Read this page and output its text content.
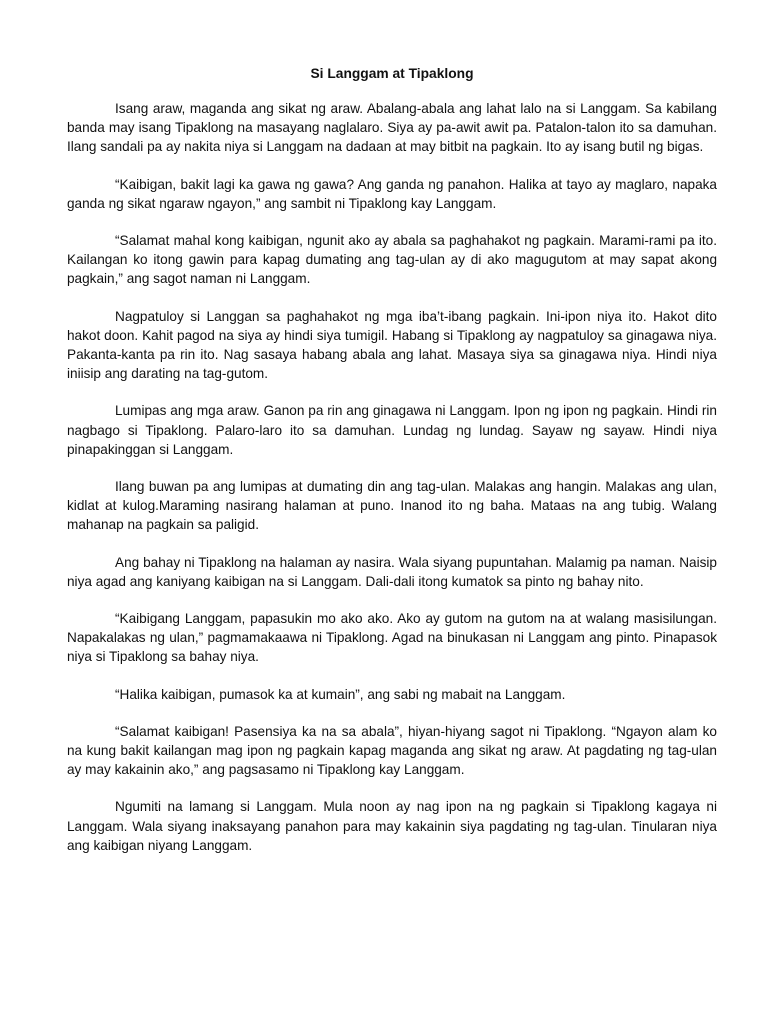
Si Langgam at Tipaklong

Isang araw, maganda ang sikat ng araw. Abalang-abala ang lahat lalo na si Langgam. Sa kabilang banda may isang Tipaklong na masayang naglalaro. Siya ay pa-awit awit pa. Patalon-talon ito sa damuhan. Ilang sandali pa ay nakita niya si Langgam na dadaan at may bitbit na pagkain. Ito ay isang butil ng bigas.

“Kaibigan, bakit lagi ka gawa ng gawa? Ang ganda ng panahon. Halika at tayo ay maglaro, napaka ganda ng sikat ngaraw ngayon,” ang sambit ni Tipaklong kay Langgam.

“Salamat mahal kong kaibigan, ngunit ako ay abala sa paghahakot ng pagkain. Marami-rami pa ito. Kailangan ko itong gawin para kapag dumating ang tag-ulan ay di ako magugutom at may sapat akong pagkain,” ang sagot naman ni Langgam.

Nagpatuloy si Langgan sa paghahakot ng mga iba’t-ibang pagkain. Ini-ipon niya ito. Hakot dito hakot doon. Kahit pagod na siya ay hindi siya tumigil. Habang si Tipaklong ay nagpatuloy sa ginagawa niya. Pakanta-kanta pa rin ito. Nag sasaya habang abala ang lahat. Masaya siya sa ginagawa niya. Hindi niya iniisip ang darating na tag-gutom.

Lumipas ang mga araw. Ganon pa rin ang ginagawa ni Langgam. Ipon ng ipon ng pagkain. Hindi rin nagbago si Tipaklong. Palaro-laro ito sa damuhan. Lundag ng lundag. Sayaw ng sayaw. Hindi niya pinapakinggan si Langgam.

Ilang buwan pa ang lumipas at dumating din ang tag-ulan. Malakas ang hangin. Malakas ang ulan, kidlat at kulog.Maraming nasirang halaman at puno. Inanod ito ng baha. Mataas na ang tubig. Walang mahanap na pagkain sa paligid.

Ang bahay ni Tipaklong na halaman ay nasira. Wala siyang pupuntahan. Malamig pa naman. Naisip niya agad ang kaniyang kaibigan na si Langgam. Dali-dali itong kumatok sa pinto ng bahay nito.

“Kaibigang Langgam, papasukin mo ako ako. Ako ay gutom na gutom na at walang masisilungan. Napakalakas ng ulan,” pagmamakaawa ni Tipaklong. Agad na binukasan ni Langgam ang pinto. Pinapasok niya si Tipaklong sa bahay niya.

“Halika kaibigan, pumasok ka at kumain”, ang sabi ng mabait na Langgam.

“Salamat kaibigan! Pasensiya ka na sa abala”, hiyan-hiyang sagot ni Tipaklong. “Ngayon alam ko na kung bakit kailangan mag ipon ng pagkain kapag maganda ang sikat ng araw. At pagdating ng tag-ulan ay may kakainin ako,” ang pagsasamo ni Tipaklong kay Langgam.

Ngumiti na lamang si Langgam. Mula noon ay nag ipon na ng pagkain si Tipaklong kagaya ni Langgam. Wala siyang inaksayang panahon para may kakainin siya pagdating ng tag-ulan. Tinularan niya ang kaibigan niyang Langgam.
